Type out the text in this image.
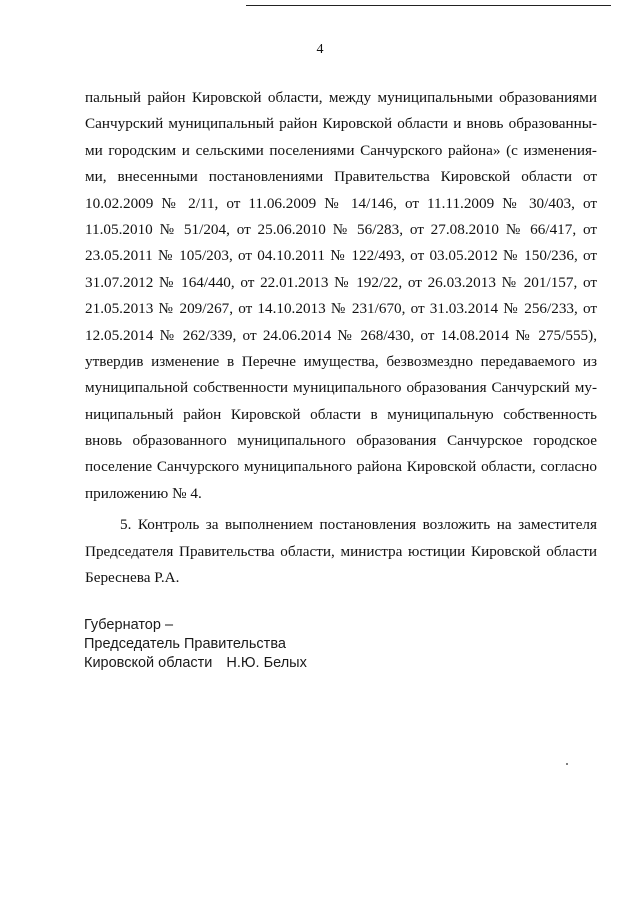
4
пальный район Кировской области, между муниципальными образованиями
Санчурский муниципальный район Кировской области и вновь образованны-
ми городским и сельскими поселениями Санчурского района» (с изменения-
ми, внесенными постановлениями Правительства Кировской области от
10.02.2009 № 2/11, от 11.06.2009 № 14/146, от 11.11.2009 № 30/403, от
11.05.2010 № 51/204, от 25.06.2010 № 56/283, от 27.08.2010 № 66/417, от
23.05.2011 № 105/203, от 04.10.2011 № 122/493, от 03.05.2012 № 150/236, от
31.07.2012 № 164/440, от 22.01.2013 № 192/22, от 26.03.2013 № 201/157, от
21.05.2013 № 209/267, от 14.10.2013 № 231/670, от 31.03.2014 № 256/233, от
12.05.2014 № 262/339, от 24.06.2014 № 268/430, от 14.08.2014 № 275/555),
утвердив изменение в Перечне имущества, безвозмездно передаваемого из
муниципальной собственности муниципального образования Санчурский му-
ниципальный район Кировской области в муниципальную собственность
вновь образованного муниципального образования Санчурское городское
поселение Санчурского муниципального района Кировской области, согласно
приложению № 4.
5. Контроль за выполнением постановления возложить на заместителя
Председателя Правительства области, министра юстиции Кировской области
Береснева Р.А.
Губернатор –
Председатель Правительства
Кировской области Н.Ю. Белых
